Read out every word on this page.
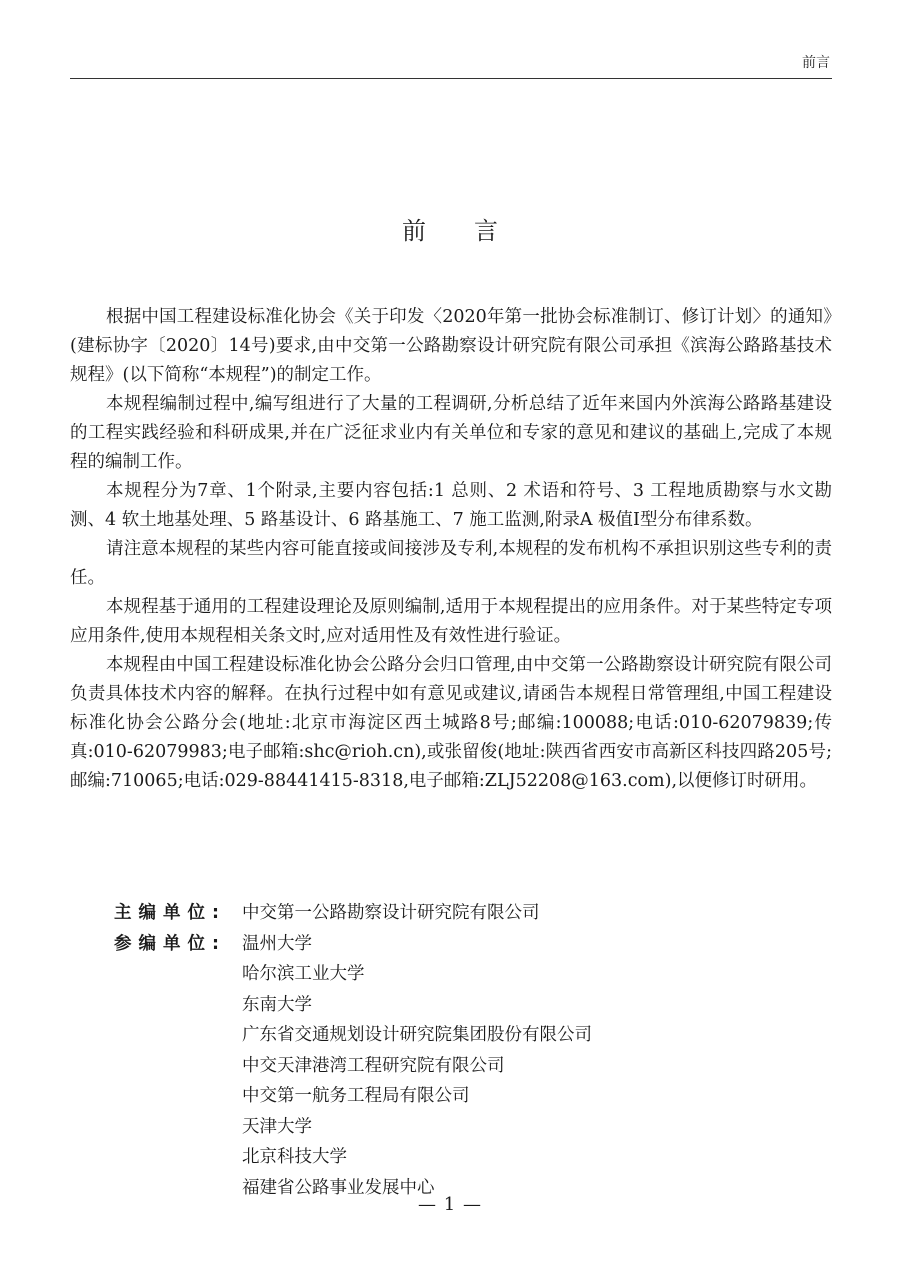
前言
前言

根据中国工程建设标准化协会《关于印发〈2020年第一批协会标准制订、修订计划〉的通知》(建标协字〔2020〕14号)要求,由中交第一公路勘察设计研究院有限公司承担《滨海公路路基技术规程》(以下简称“本规程”)的制定工作。

本规程编制过程中,编写组进行了大量的工程调研,分析总结了近年来国内外滨海公路路基建设的工程实践经验和科研成果,并在广泛征求业内有关单位和专家的意见和建议的基础上,完成了本规程的编制工作。

本规程分为7章、1个附录,主要内容包括:1 总则、2 术语和符号、3 工程地质勘察与水文勘测、4 软土地基处理、5 路基设计、6 路基施工、7 施工监测,附录A 极值Ⅰ型分布律系数。

请注意本规程的某些内容可能直接或间接涉及专利,本规程的发布机构不承担识别这些专利的责任。

本规程基于通用的工程建设理论及原则编制,适用于本规程提出的应用条件。对于某些特定专项应用条件,使用本规程相关条文时,应对适用性及有效性进行验证。

本规程由中国工程建设标准化协会公路分会归口管理,由中交第一公路勘察设计研究院有限公司负责具体技术内容的解释。在执行过程中如有意见或建议,请函告本规程日常管理组,中国工程建设标准化协会公路分会(地址:北京市海淀区西土城路8号;邮编:100088;电话:010-62079839;传真:010-62079983;电子邮箱:shc@rioh.cn),或张留俊(地址:陕西省西安市高新区科技四路205号;邮编:710065;电话:029-88441415-8318,电子邮箱:ZLJ52208@163.com),以便修订时研用。

主编单位: 中交第一公路勘察设计研究院有限公司
参编单位: 温州大学
哈尔滨工业大学
东南大学
广东省交通规划设计研究院集团股份有限公司
中交天津港湾工程研究院有限公司
中交第一航务工程局有限公司
天津大学
北京科技大学
福建省公路事业发展中心
— 1 —
